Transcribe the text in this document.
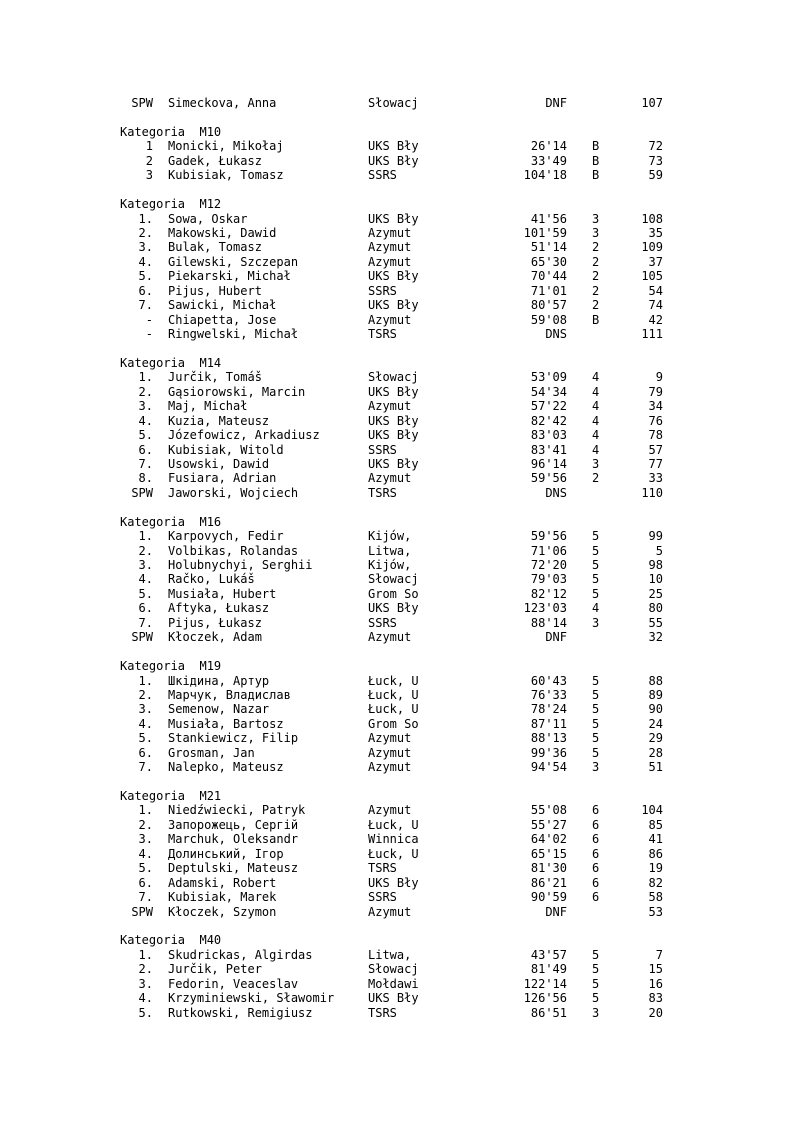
SPW Simeckova, Anna	Słowacj	DNF	107
Kategoria  M10
1 Monicki, Mikołaj	UKS Bły	26'14 B	72
2 Gadek, Łukasz	UKS Bły	33'49 B	73
3 Kubisiak, Tomasz	SSRS	104'18 B	59
Kategoria  M12
1. Sowa, Oskar	UKS Bły	41'56 3	108
2. Makowski, Dawid	Azymut	101'59 3	35
3. Bulak, Tomasz	Azymut	51'14 2	109
4. Gilewski, Szczepan	Azymut	65'30 2	37
5. Piekarski, Michał	UKS Bły	70'44 2	105
6. Pijus, Hubert	SSRS	71'01 2	54
7. Sawicki, Michał	UKS Bły	80'57 2	74
- Chiapetta, Jose	Azymut	59'08 B	42
- Ringwelski, Michał	TSRS	DNS	111
Kategoria  M14
1. Jurčik, Tomáš	Słowacj	53'09 4	9
2. Gąsiorowski, Marcin	UKS Bły	54'34 4	79
3. Maj, Michał	Azymut	57'22 4	34
4. Kuzia, Mateusz	UKS Bły	82'42 4	76
5. Józefowicz, Arkadiusz	UKS Bły	83'03 4	78
6. Kubisiak, Witold	SSRS	83'41 4	57
7. Usowski, Dawid	UKS Bły	96'14 3	77
8. Fusiara, Adrian	Azymut	59'56 2	33
SPW Jaworski, Wojciech	TSRS	DNS	110
Kategoria  M16
1. Karpovych, Fedir	Kijów,	59'56 5	99
2. Volbikas, Rolandas	Litwa,	71'06 5	5
3. Holubnychyi, Serghii	Kijów,	72'20 5	98
4. Račko, Lukáš	Słowacj	79'03 5	10
5. Musiała, Hubert	Grom So	82'12 5	25
6. Aftyka, Łukasz	UKS Bły	123'03 4	80
7. Pijus, Łukasz	SSRS	88'14 3	55
SPW Kłoczek, Adam	Azymut	DNF	32
Kategoria  M19
1. Шкідина, Артур	Łuck, U	60'43 5	88
2. Марчук, Владислав	Łuck, U	76'33 5	89
3. Semenow, Nazar	Łuck, U	78'24 5	90
4. Musiała, Bartosz	Grom So	87'11 5	24
5. Stankiewicz, Filip	Azymut	88'13 5	29
6. Grosman, Jan	Azymut	99'36 5	28
7. Nalepko, Mateusz	Azymut	94'54 3	51
Kategoria  M21
1. Niedźwiecki, Patryk	Azymut	55'08 6	104
2. Запорожець, Сергій	Łuck, U	55'27 6	85
3. Marchuk, Oleksandr	Winnica	64'02 6	41
4. Долинський, Ігор	Łuck, U	65'15 6	86
5. Deptulski, Mateusz	TSRS	81'30 6	19
6. Adamski, Robert	UKS Bły	86'21 6	82
7. Kubisiak, Marek	SSRS	90'59 6	58
SPW Kłoczek, Szymon	Azymut	DNF	53
Kategoria  M40
1. Skudrickas, Algirdas	Litwa,	43'57 5	7
2. Jurčik, Peter	Słowacj	81'49 5	15
3. Fedorin, Veaceslav	Mołdawi	122'14 5	16
4. Krzyminiewski, Sławomir	UKS Bły	126'56 5	83
5. Rutkowski, Remigiusz	TSRS	86'51 3	20
